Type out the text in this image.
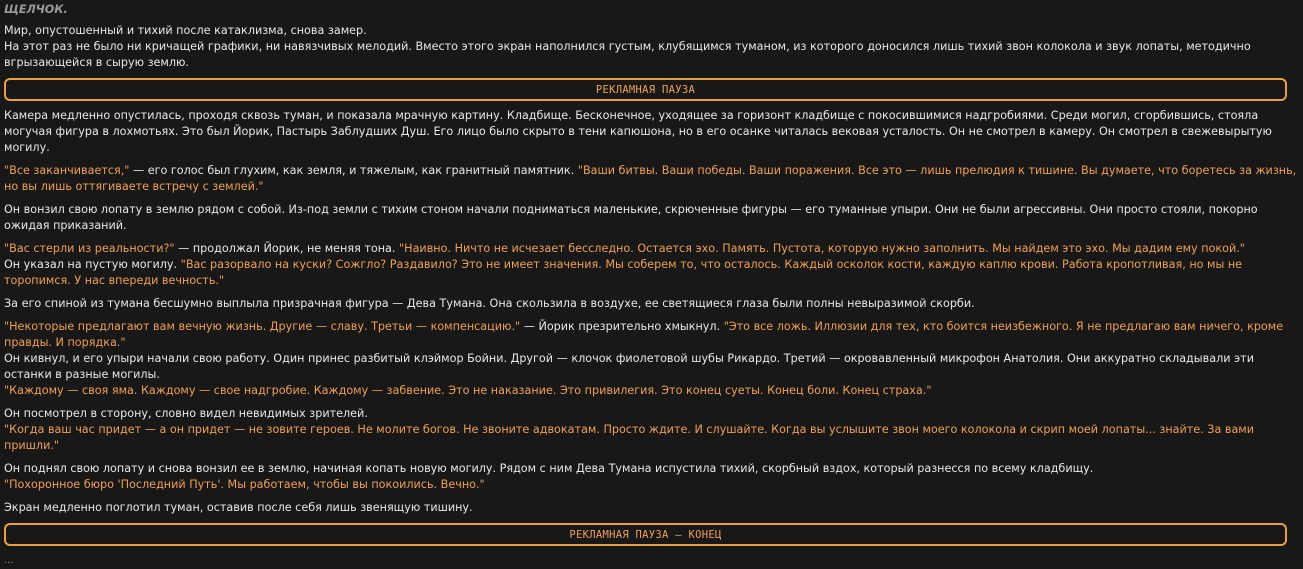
ЩЕЛЧОК.

Мир, опустошенный и тихий после катаклизма, снова замер.

На этот раз не было ни кричащей графики, ни навязчивых мелодий. Вместо этого экран наполнился густым, клубящимся туманом, из которого доносился лишь тихий звон колокола и звук лопаты, методично вгрызающейся в сырую землю.

РЕКЛАМНАЯ ПАУЗА

Камера медленно опустилась, проходя сквозь туман, и показала мрачную картину. Кладбище. Бесконечное, уходящее за горизонт кладбище с покосившимися надгробиями. Среди могил, сгорбившись, стояла могучая фигура в лохмотьях. Это был Йорик, Пастырь Заблудших Душ. Его лицо было скрыто в тени капюшона, но в его осанке читалась вековая усталость. Он не смотрел в камеру. Он смотрел в свежевырытую могилу.

"Все заканчивается," — его голос был глухим, как земля, и тяжелым, как гранитный памятник. "Ваши битвы. Ваши победы. Ваши поражения. Все это — лишь прелюдия к тишине. Вы думаете, что боретесь за жизнь, но вы лишь оттягиваете встречу с землей."

Он вонзил свою лопату в землю рядом с собой. Из-под земли с тихим стоном начали подниматься маленькие, скрюченные фигуры — его туманные упыри. Они не были агрессивны. Они просто стояли, покорно ожидая приказаний.

"Вас стерли из реальности?" — продолжал Йорик, не меняя тона. "Наивно. Ничто не исчезает бесследно. Остается эхо. Память. Пустота, которую нужно заполнить. Мы найдем это эхо. Мы дадим ему покой."

Он указал на пустую могилу. "Вас разорвало на куски? Сожгло? Раздавило? Это не имеет значения. Мы соберем то, что осталось. Каждый осколок кости, каждую каплю крови. Работа кропотливая, но мы не торопимся. У нас впереди вечность."

За его спиной из тумана бесшумно выплыла призрачная фигура — Дева Тумана. Она скользила в воздухе, ее светящиеся глаза были полны невыразимой скорби.

"Некоторые предлагают вам вечную жизнь. Другие — славу. Третьи — компенсацию." — Йорик презрительно хмыкнул. "Это все ложь. Иллюзии для тех, кто боится неизбежного. Я не предлагаю вам ничего, кроме правды. И порядка."

Он кивнул, и его упыри начали свою работу. Один принес разбитый клэймор Бойни. Другой — клочок фиолетовой шубы Рикардо. Третий — окровавленный микрофон Анатолия. Они аккуратно складывали эти останки в разные могилы.

"Каждому — своя яма. Каждому — свое надгробие. Каждому — забвение. Это не наказание. Это привилегия. Это конец суеты. Конец боли. Конец страха."

Он посмотрел в сторону, словно видел невидимых зрителей.

"Когда ваш час придет — а он придет — не зовите героев. Не молите богов. Не звоните адвокатам. Просто ждите. И слушайте. Когда вы услышите звон моего колокола и скрип моей лопаты... знайте. За вами пришли."

Он поднял свою лопату и снова вонзил ее в землю, начиная копать новую могилу. Рядом с ним Дева Тумана испустила тихий, скорбный вздох, который разнесся по всему кладбищу.

"Похоронное бюро 'Последний Путь'. Мы работаем, чтобы вы покоились. Вечно."

Экран медленно поглотил туман, оставив после себя лишь звенящую тишину.

РЕКЛАМНАЯ ПАУЗА — КОНЕЦ

...
